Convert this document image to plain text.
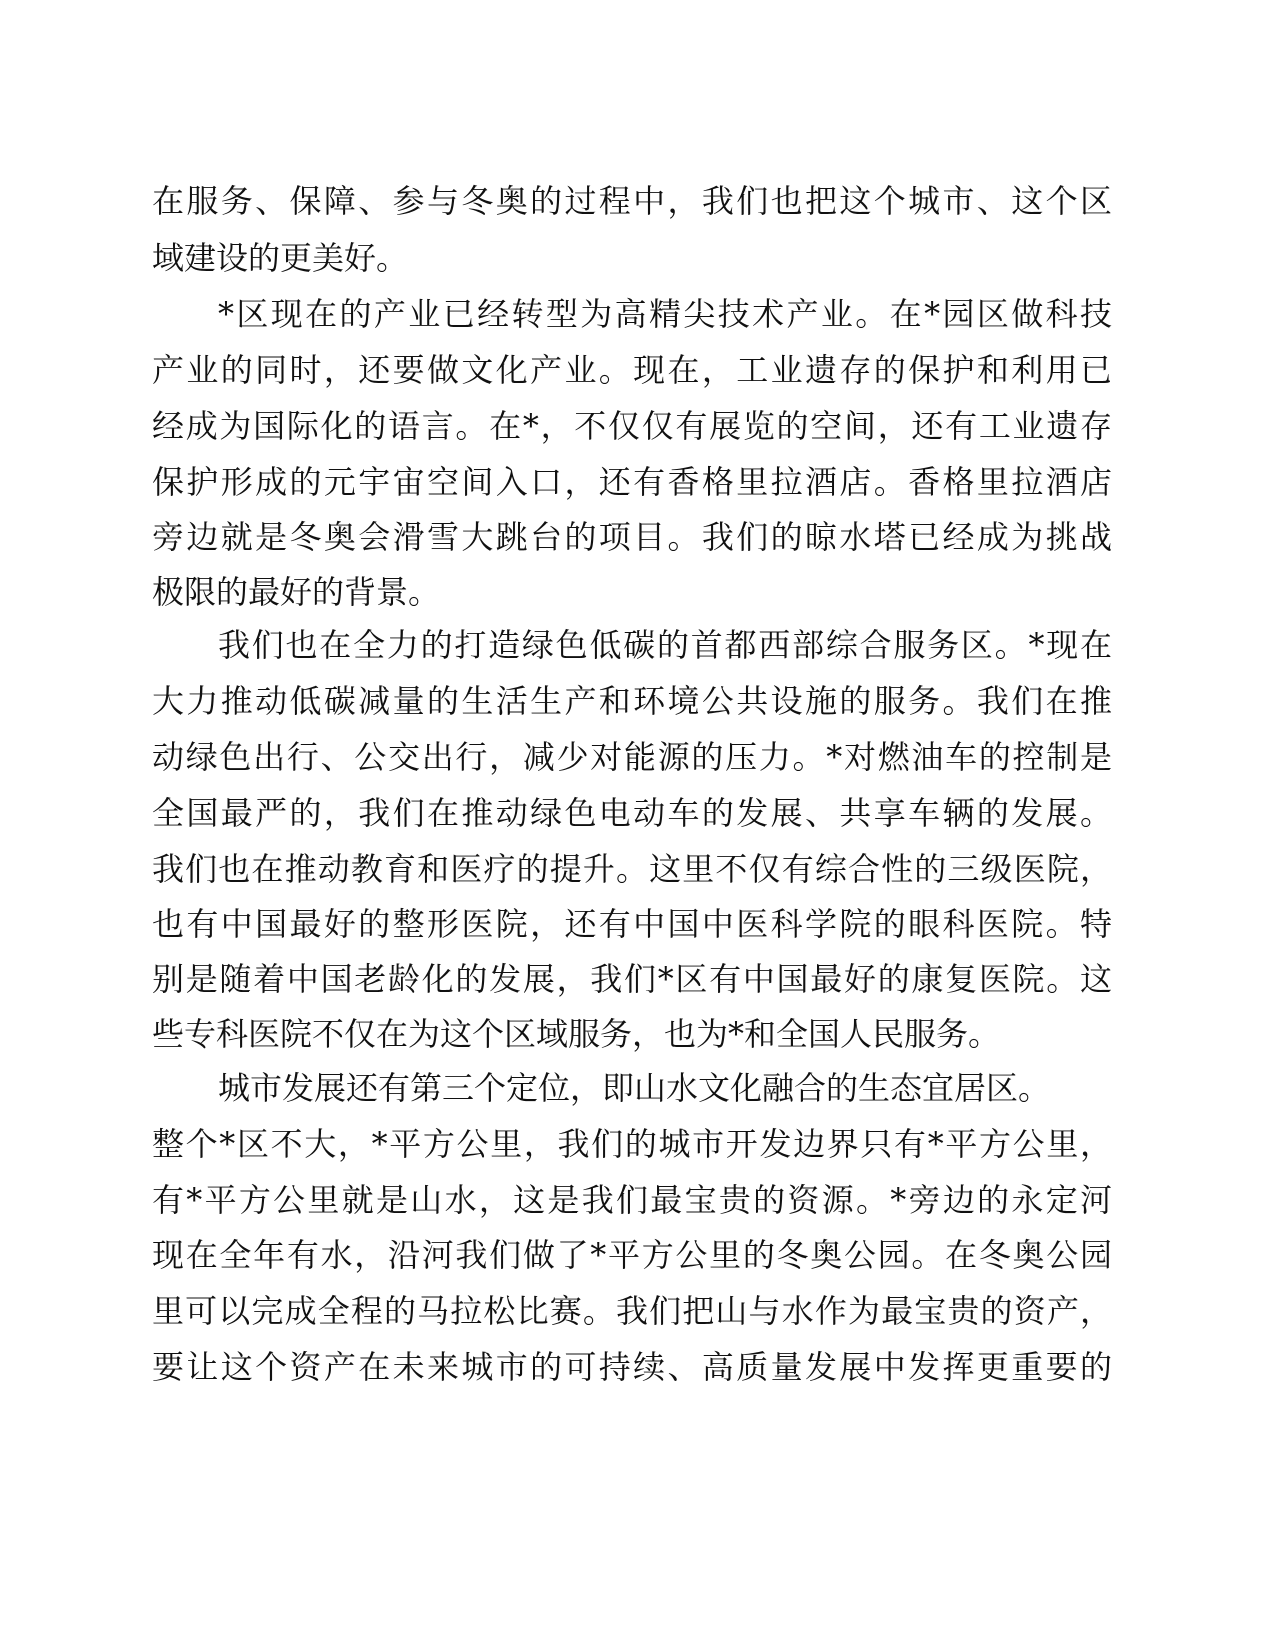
在服务、保障、参与冬奥的过程中，我们也把这个城市、这个区
域建设的更美好。
*区现在的产业已经转型为高精尖技术产业。在*园区做科技
产业的同时，还要做文化产业。现在，工业遗存的保护和利用已
经成为国际化的语言。在*，不仅仅有展览的空间，还有工业遗存
保护形成的元宇宙空间入口，还有香格里拉酒店。香格里拉酒店
旁边就是冬奥会滑雪大跳台的项目。我们的晾水塔已经成为挑战
极限的最好的背景。
我们也在全力的打造绿色低碳的首都西部综合服务区。*现在
大力推动低碳减量的生活生产和环境公共设施的服务。我们在推
动绿色出行、公交出行，减少对能源的压力。*对燃油车的控制是
全国最严的，我们在推动绿色电动车的发展、共享车辆的发展。
我们也在推动教育和医疗的提升。这里不仅有综合性的三级医院，
也有中国最好的整形医院，还有中国中医科学院的眼科医院。特
别是随着中国老龄化的发展，我们*区有中国最好的康复医院。这
些专科医院不仅在为这个区域服务，也为*和全国人民服务。
城市发展还有第三个定位，即山水文化融合的生态宜居区。
整个*区不大，*平方公里，我们的城市开发边界只有*平方公里，
有*平方公里就是山水，这是我们最宝贵的资源。*旁边的永定河
现在全年有水，沿河我们做了*平方公里的冬奥公园。在冬奥公园
里可以完成全程的马拉松比赛。我们把山与水作为最宝贵的资产，
要让这个资产在未来城市的可持续、高质量发展中发挥更重要的
